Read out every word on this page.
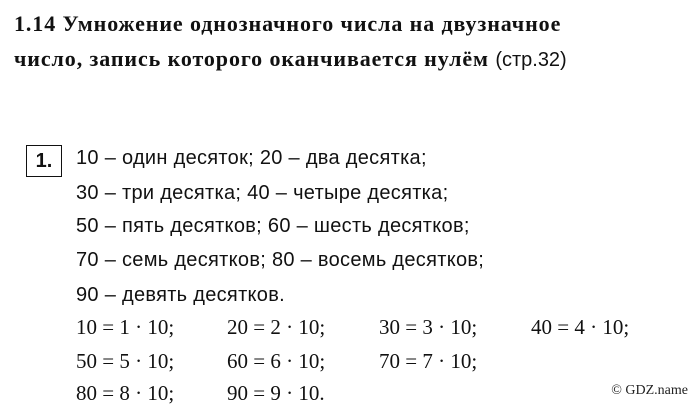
1.14 Умножение однозначного числа на двузначное
число, запись которого оканчивается нулём (стр.32)
1.	10 – один десяток; 20 – два десятка;
30 – три десятка; 40 – четыре десятка;
50 – пять десятков; 60 – шесть десятков;
70 – семь десятков; 80 – восемь десятков;
90 – девять десятков.
10 = 1 · 10;	20 = 2 · 10;	30 = 3 · 10;	40 = 4 · 10;
50 = 5 · 10;	60 = 6 · 10;	70 = 7 · 10;
80 = 8 · 10;	90 = 9 · 10.	© GDZ.name
